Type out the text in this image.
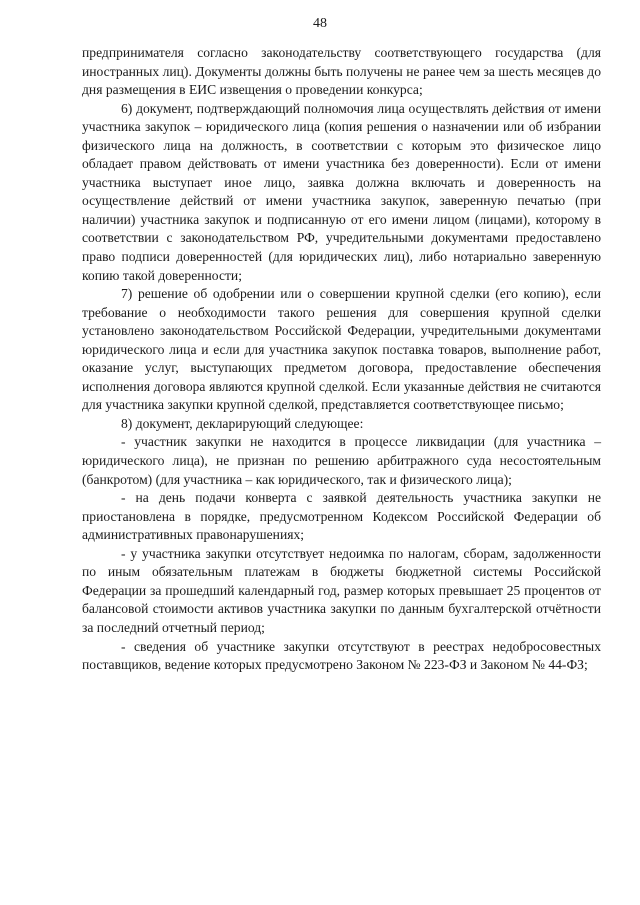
48

предпринимателя согласно законодательству соответствующего государства (для иностранных лиц). Документы должны быть получены не ранее чем за шесть месяцев до дня размещения в ЕИС извещения о проведении конкурса;

6) документ, подтверждающий полномочия лица осуществлять действия от имени участника закупок – юридического лица (копия решения о назначении или об избрании физического лица на должность, в соответствии с которым это физическое лицо обладает правом действовать от имени участника без доверенности). Если от имени участника выступает иное лицо, заявка должна включать и доверенность на осуществление действий от имени участника закупок, заверенную печатью (при наличии) участника закупок и подписанную от его имени лицом (лицами), которому в соответствии с законодательством РФ, учредительными документами предоставлено право подписи доверенностей (для юридических лиц), либо нотариально заверенную копию такой доверенности;

7) решение об одобрении или о совершении крупной сделки (его копию), если требование о необходимости такого решения для совершения крупной сделки установлено законодательством Российской Федерации, учредительными документами юридического лица и если для участника закупок поставка товаров, выполнение работ, оказание услуг, выступающих предметом договора, предоставление обеспечения исполнения договора являются крупной сделкой. Если указанные действия не считаются для участника закупки крупной сделкой, представляется соответствующее письмо;

8) документ, декларирующий следующее:

- участник закупки не находится в процессе ликвидации (для участника – юридического лица), не признан по решению арбитражного суда несостоятельным (банкротом) (для участника – как юридического, так и физического лица);

- на день подачи конверта с заявкой деятельность участника закупки не приостановлена в порядке, предусмотренном Кодексом Российской Федерации об административных правонарушениях;

- у участника закупки отсутствует недоимка по налогам, сборам, задолженности по иным обязательным платежам в бюджеты бюджетной системы Российской Федерации за прошедший календарный год, размер которых превышает 25 процентов от балансовой стоимости активов участника закупки по данным бухгалтерской отчётности за последний отчетный период;

- сведения об участнике закупки отсутствуют в реестрах недобросовестных поставщиков, ведение которых предусмотрено Законом № 223-ФЗ и Законом № 44-ФЗ;
